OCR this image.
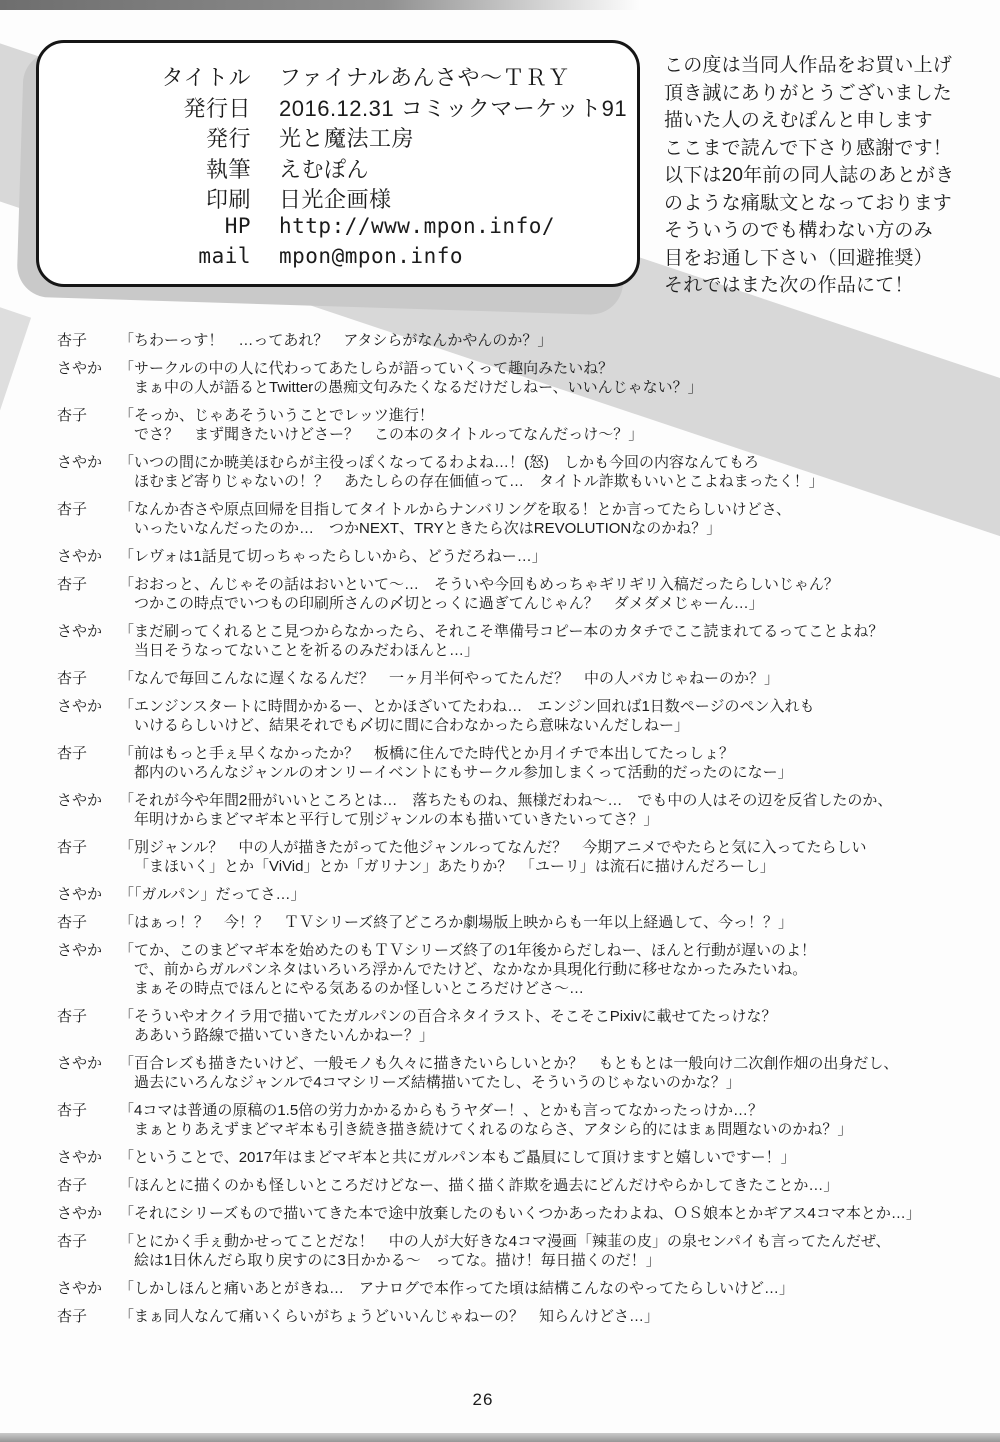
タイトル ファイナルあんさや～ＴＲＹ
発行日 2016.12.31 コミックマーケット91
発行 光と魔法工房
執筆 えむぽん
印刷 日光企画様
HP http://www.mpon.info/
mail mpon@mpon.info
この度は当同人作品をお買い上げ
頂き誠にありがとうございました
描いた人のえむぽんと申します
ここまで読んで下さり感謝です！
以下は20年前の同人誌のあとがき
のような痛駄文となっております
そういうのでも構わない方のみ
目をお通し下さい（回避推奨）
それではまた次の作品にて！
杏子	「ちわーっす！　…ってあれ？　アタシらがなんかやんのか？」
さやか	「サークルの中の人に代わってあたしらが語っていくって趣向みたいね？
まぁ中の人が語るとTwitterの愚痴文句みたくなるだけだしねー、いいんじゃない？」
杏子	「そっか、じゃあそういうことでレッツ進行！
でさ？　まず聞きたいけどさー？　この本のタイトルってなんだっけ～？」
さやか	「いつの間にか暁美ほむらが主役っぽくなってるわよね…！(怒)　しかも今回の内容なんてもろ
ほむまど寄りじゃないの！？　あたしらの存在価値って…　タイトル詐欺もいいとこよねまったく！」
杏子	「なんか杏さや原点回帰を目指してタイトルからナンバリングを取る！とか言ってたらしいけどさ、
いったいなんだったのか…　つかNEXT、TRYときたら次はREVOLUTIONなのかね？」
さやか	「レヴォは1話見て切っちゃったらしいから、どうだろねー…」
杏子	「おおっと、んじゃその話はおいといて～…　そういや今回もめっちゃギリギリ入稿だったらしいじゃん？
つかこの時点でいつもの印刷所さんの〆切とっくに過ぎてんじゃん？　ダメダメじゃーん…」
さやか	「まだ刷ってくれるとこ見つからなかったら、それこそ準備号コピー本のカタチでここ読まれてるってことよね？
当日そうなってないことを祈るのみだわほんと…」
杏子	「なんで毎回こんなに遅くなるんだ？　一ヶ月半何やってたんだ？　中の人バカじゃねーのか？」
さやか	「エンジンスタートに時間かかるー、とかほざいてたわね…　エンジン回れば1日数ページのペン入れも
いけるらしいけど、結果それでも〆切に間に合わなかったら意味ないんだしねー」
杏子	「前はもっと手ぇ早くなかったか？　板橋に住んでた時代とか月イチで本出してたっしょ？
都内のいろんなジャンルのオンリーイベントにもサークル参加しまくって活動的だったのになー」
さやか	「それが今や年間2冊がいいところとは…　落ちたものね、無様だわね～…　でも中の人はその辺を反省したのか、
年明けからまどマギ本と平行して別ジャンルの本も描いていきたいってさ？」
杏子	「別ジャンル？　中の人が描きたがってた他ジャンルってなんだ？　今期アニメでやたらと気に入ってたらしい
「まほいく」とか「ViVid」とか「ガリナン」あたりか？　「ユーリ」は流石に描けんだろーし」
さやか	「「ガルパン」だってさ…」
杏子	「はぁっ！？　今！？　ＴＶシリーズ終了どころか劇場版上映からも一年以上経過して、今っ！？」
さやか	「てか、このまどマギ本を始めたのもＴＶシリーズ終了の1年後からだしねー、ほんと行動が遅いのよ！
で、前からガルパンネタはいろいろ浮かんでたけど、なかなか具現化行動に移せなかったみたいね。
まぁその時点でほんとにやる気あるのか怪しいところだけどさ～…
杏子	「そういやオクイラ用で描いてたガルパンの百合ネタイラスト、そこそこPixivに載せてたっけな？
ああいう路線で描いていきたいんかねー？」
さやか	「百合レズも描きたいけど、一般モノも久々に描きたいらしいとか？　もともとは一般向け二次創作畑の出身だし、
過去にいろんなジャンルで4コマシリーズ結構描いてたし、そういうのじゃないのかな？」
杏子	「4コマは普通の原稿の1.5倍の労力かかるからもうヤダー！、とかも言ってなかったっけか…？
まぁとりあえずまどマギ本も引き続き描き続けてくれるのならさ、アタシら的にはまぁ問題ないのかね？」
さやか	「ということで、2017年はまどマギ本と共にガルパン本もご贔屓にして頂けますと嬉しいですー！」
杏子	「ほんとに描くのかも怪しいところだけどなー、描く描く詐欺を過去にどんだけやらかしてきたことか…」
さやか	「それにシリーズもので描いてきた本で途中放棄したのもいくつかあったわよね、ＯＳ娘本とかギアス4コマ本とか…」
杏子	「とにかく手ぇ動かせってことだな！　中の人が大好きな4コマ漫画「辣韮の皮」の泉センパイも言ってたんだぜ、
絵は1日休んだら取り戻すのに3日かかる～　ってな。描け！毎日描くのだ！」
さやか	「しかしほんと痛いあとがきね…　アナログで本作ってた頃は結構こんなのやってたらしいけど…」
杏子	「まぁ同人なんて痛いくらいがちょうどいいんじゃねーの？　知らんけどさ…」
26
